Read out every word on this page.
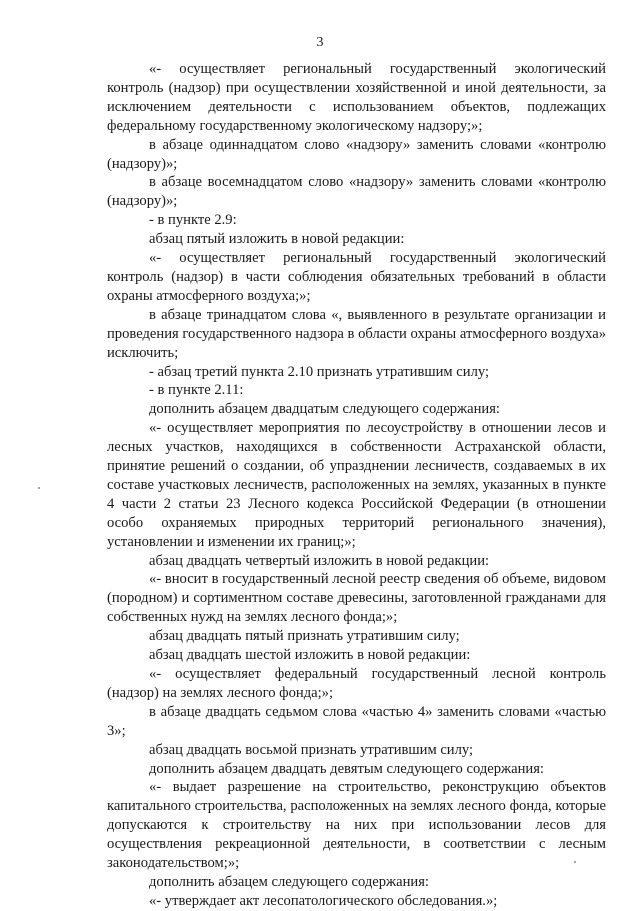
3

«- осуществляет региональный государственный экологический контроль (надзор) при осуществлении хозяйственной и иной деятельности, за исключением деятельности с использованием объектов, подлежащих федеральному государственному экологическому надзору;»;

в абзаце одиннадцатом слово «надзору» заменить словами «контролю (надзору)»;

в абзаце восемнадцатом слово «надзору» заменить словами «контролю (надзору)»;

- в пункте 2.9:

абзац пятый изложить в новой редакции:

«- осуществляет региональный государственный экологический контроль (надзор) в части соблюдения обязательных требований в области охраны атмосферного воздуха;»;

в абзаце тринадцатом слова «, выявленного в результате организации и проведения государственного надзора в области охраны атмосферного воздуха» исключить;

- абзац третий пункта 2.10 признать утратившим силу;

- в пункте 2.11:

дополнить абзацем двадцатым следующего содержания:

«- осуществляет мероприятия по лесоустройству в отношении лесов и лесных участков, находящихся в собственности Астраханской области, принятие решений о создании, об упразднении лесничеств, создаваемых в их составе участковых лесничеств, расположенных на землях, указанных в пункте 4 части 2 статьи 23 Лесного кодекса Российской Федерации (в отношении особо охраняемых природных территорий регионального значения), установлении и изменении их границ;»;

абзац двадцать четвертый изложить в новой редакции:

«- вносит в государственный лесной реестр сведения об объеме, видовом (породном) и сортиментном составе древесины, заготовленной гражданами для собственных нужд на землях лесного фонда;»;

абзац двадцать пятый признать утратившим силу;

абзац двадцать шестой изложить в новой редакции:

«- осуществляет федеральный государственный лесной контроль (надзор) на землях лесного фонда;»;

в абзаце двадцать седьмом слова «частью 4» заменить словами «частью 3»;

абзац двадцать восьмой признать утратившим силу;

дополнить абзацем двадцать девятым следующего содержания:

«- выдает разрешение на строительство, реконструкцию объектов капитального строительства, расположенных на землях лесного фонда, которые допускаются к строительству на них при использовании лесов для осуществления рекреационной деятельности, в соответствии с лесным законодательством;»;

дополнить абзацем следующего содержания:

«- утверждает акт лесопатологического обследования.»;
